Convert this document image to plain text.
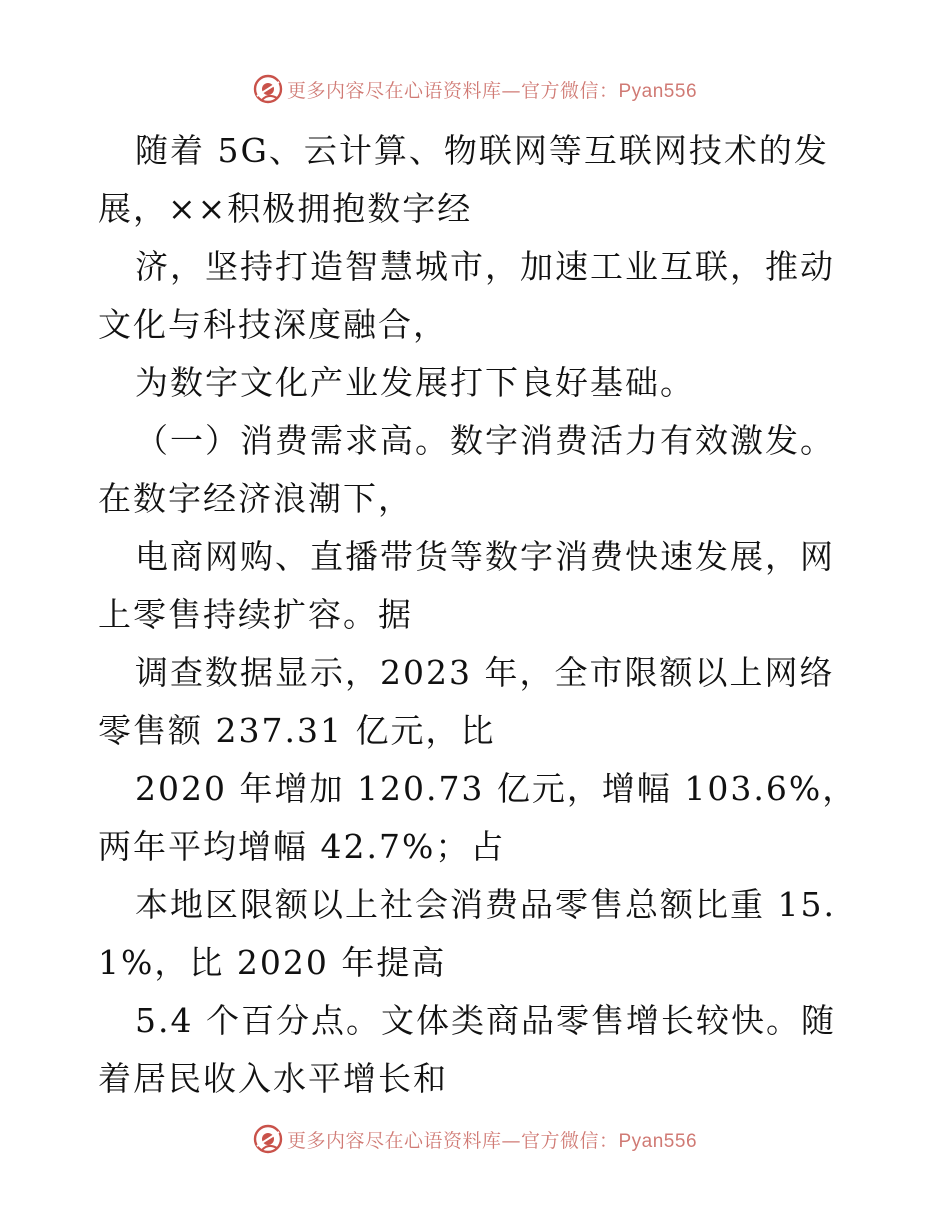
更多内容尽在心语资料库—官方微信：Pyan556

随着 5G、云计算、物联网等互联网技术的发展，××积极拥抱数字经

济，坚持打造智慧城市，加速工业互联，推动文化与科技深度融合，

为数字文化产业发展打下良好基础。

（一）消费需求高。数字消费活力有效激发。在数字经济浪潮下，

电商网购、直播带货等数字消费快速发展，网上零售持续扩容。据

调查数据显示，2023 年，全市限额以上网络零售额 237.31 亿元，比

2020 年增加 120.73 亿元，增幅 103.6%，两年平均增幅 42.7%；占

本地区限额以上社会消费品零售总额比重 15.1%，比 2020 年提高

5.4 个百分点。文体类商品零售增长较快。随着居民收入水平增长和

更多内容尽在心语资料库—官方微信：Pyan556
